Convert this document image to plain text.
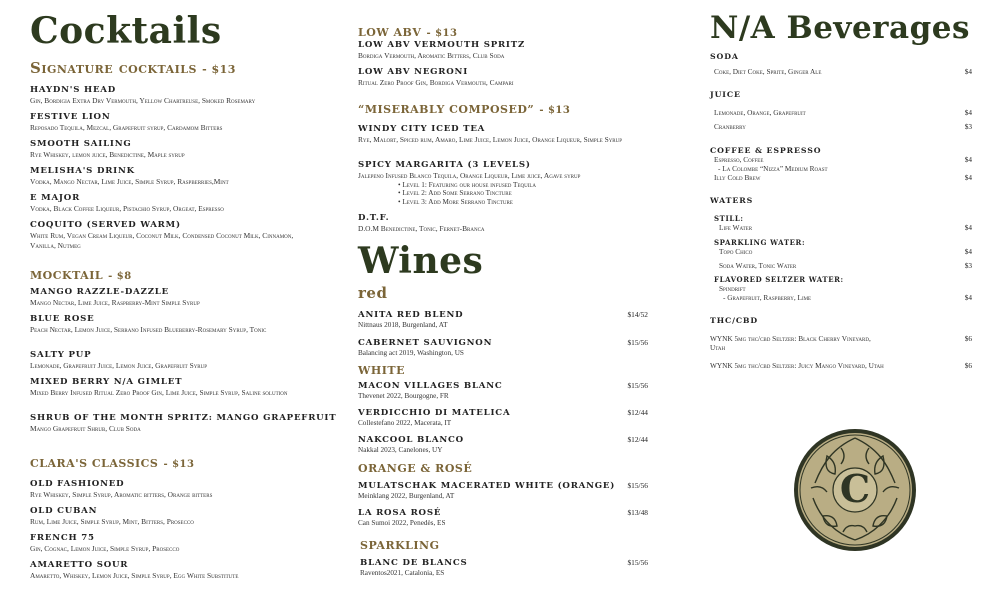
Cocktails
Signature cocktails - $13
HAYDN'S HEAD
Gin, Bordigia Extra Dry Vermouth, Yellow Chartreuse, Smoked Rosemary
FESTIVE LION
Reposado Tequila, Mezcal, Grapefruit syrup, Cardamom Bitters
SMOOTH SAILING
Rye Whiskey, lemon juice, Benedictine, Maple syrup
MELISHA'S DRINK
Vodka, Mango Nectar, Lime Juice, Simple Syrup, Raspberries,Mint
E MAJOR
Vodka, Black Coffee Liqueur, Pistachio Syrup, Orgeat, Espresso
COQUITO (SERVED WARM)
White Rum, Vegan Cream Liqueur, Coconut Milk, Condensed Coconut Milk, Cinnamon, Vanilla, Nutmeg
MOCKTAIL - $8
MANGO RAZZLE-DAZZLE
Mango Nectar, Lime Juice, Raspberry-Mint Simple Syrup
BLUE ROSE
Peach Nectar, Lemon Juice, Serrano Infused Blueberry-Rosemary Syrup, Tonic
SALTY PUP
Lemonade, Grapefruit Juice, Lemon Juice, Grapefruit Syrup
MIXED BERRY N/A GIMLET
Mixed Berry Infused Ritual Zero Proof Gin, Lime Juice, Simple Syrup, Saline solution
SHRUB OF THE MONTH SPRITZ: MANGO GRAPEFRUIT
Mango Grapefruit Shrub, Club Soda
CLARA'S CLASSICS - $13
OLD FASHIONED
Rye Whiskey, Simple Syrup, Aromatic bitters, Orange bitters
OLD CUBAN
Rum, Lime Juice, Simple Syrup, Mint, Bitters, Prosecco
FRENCH 75
Gin, Cognac, Lemon Juice, Simple Syrup, Prosecco
AMARETTO SOUR
Amaretto, Whiskey, Lemon Juice, Simple Syrup, Egg White Substitute
LOW ABV - $13
LOW ABV VERMOUTH SPRITZ
Bordiga Vermouth, Aromatic Bitters, Club Soda
LOW ABV NEGRONI
Ritual Zero Proof Gin, Bordiga Vermouth, Campari
“MISERABLY COMPOSED” - $13
WINDY CITY ICED TEA
Rye, Malort, Spiced rum, Amaro, Lime Juice, Lemon Juice, Orange Liqueur, Simple Syrup
SPICY MARGARITA (3 LEVELS)
Jalepeno Infused Blanco Tequila, Orange Liqueur, Lime juice, Agave syrup
• Level 1: Featuring our house infused Tequila
• Level 2: Add Some Serrano Tincture
• Level 3: Add More Serrano Tincture
D.T.F.
D.O.M Benedictine, Tonic, Fernet-Branca
Wines
red
ANITA RED BLEND
Nittnaus 2018, Burgenland, AT
$14/52
CABERNET SAUVIGNON
Balancing act 2019, Washington, US
$15/56
WHITE
MACON VILLAGES BLANC
Thevenet 2022, Bourgogne, FR
$15/56
VERDICCHIO DI MATELICA
Collestefano 2022, Macerata, IT
$12/44
NAKCOOL BLANCO
Nakkal 2023, Canelones, UY
$12/44
ORANGE & ROSÉ
MULATSCHAK MACERATED WHITE (ORANGE)
Meinklang 2022, Burgenland, AT
$15/56
LA ROSA ROSÉ
Can Sumoi 2022, Penedès, ES
$13/48
SPARKLING
BLANC DE BLANCS
Raventos2021, Catalonia, ES
$15/56
N/A Beverages
SODA
Coke, Diet Coke, Sprite, Ginger Ale	$4
JUICE
Lemonade, Orange, Grapefruit	$4
Cranberry	$3
COFFEE & ESPRESSO
Espresso, Coffee	$4
- La Colombe “Nizza” Medium Roast
Illy Cold Brew	$4
WATERS
STILL:
Life Water	$4
SPARKLING WATER:
Topo Chico	$4
Soda Water, Tonic Water	$3
FLAVORED SELTZER WATER:
Spindrift
- Grapefruit, Raspberry, Lime	$4
THC/CBD
WYNK 5mg thc/cbd Seltzer: Black Cherry Vineyard, Utah
$6
WYNK 5mg thc/cbd Seltzer: Juicy Mango Vineyard, Utah	$6
C
